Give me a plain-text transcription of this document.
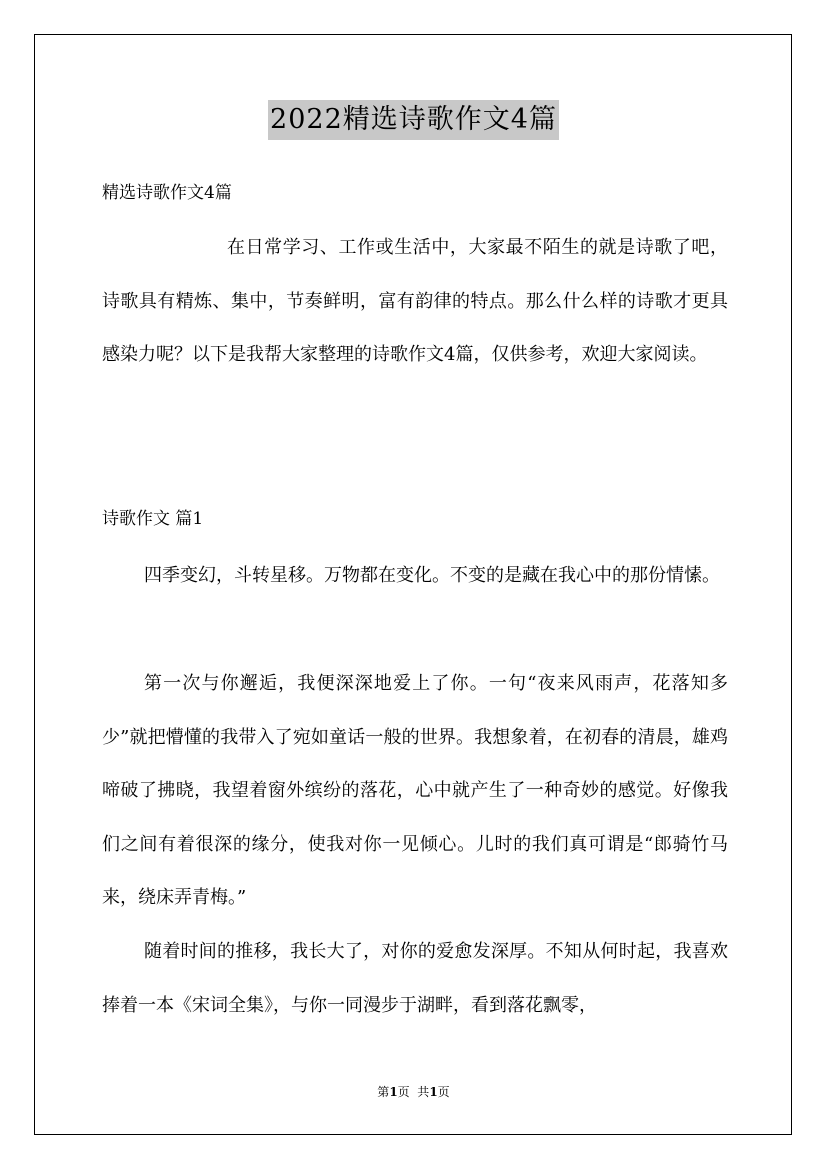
2022精选诗歌作文4篇
精选诗歌作文4篇

在日常学习、工作或生活中，大家最不陌生的就是诗歌了吧，诗歌具有精炼、集中，节奏鲜明，富有韵律的特点。那么什么样的诗歌才更具感染力呢？以下是我帮大家整理的诗歌作文4篇，仅供参考，欢迎大家阅读。

诗歌作文 篇1

四季变幻，斗转星移。万物都在变化。不变的是藏在我心中的那份情愫。

第一次与你邂逅，我便深深地爱上了你。一句“夜来风雨声，花落知多少”就把懵懂的我带入了宛如童话一般的世界。我想象着，在初春的清晨，雄鸡啼破了拂晓，我望着窗外缤纷的落花，心中就产生了一种奇妙的感觉。好像我们之间有着很深的缘分，使我对你一见倾心。儿时的我们真可谓是“郎骑竹马来，绕床弄青梅。”

随着时间的推移，我长大了，对你的爱愈发深厚。不知从何时起，我喜欢捧着一本《宋词全集》，与你一同漫步于湖畔，看到落花飘零，

第1页  共1页
